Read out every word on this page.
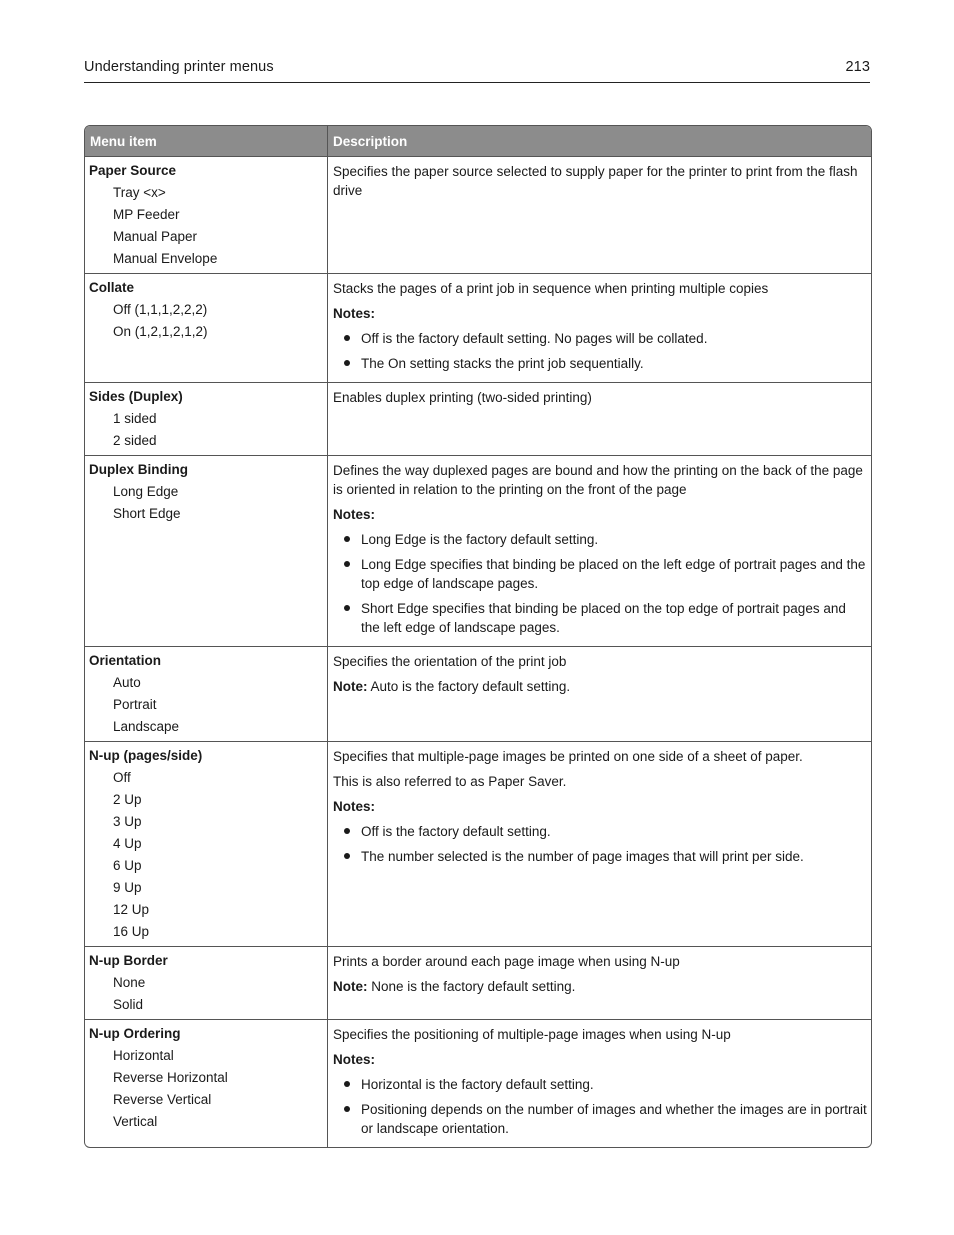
Understanding printer menus	213
Menu item	Description
Paper Source
Tray <x>
MP Feeder
Manual Paper
Manual Envelope

Specifies the paper source selected to supply paper for the printer to print from the flash drive

Collate
Off (1,1,1,2,2,2)
On (1,2,1,2,1,2)

Stacks the pages of a print job in sequence when printing multiple copies

Notes:

Off is the factory default setting. No pages will be collated.
The On setting stacks the print job sequentially.
Sides (Duplex)
1 sided
2 sided

Enables duplex printing (two-sided printing)

Duplex Binding
Long Edge
Short Edge

Defines the way duplexed pages are bound and how the printing on the back of the page is oriented in relation to the printing on the front of the page

Notes:

Long Edge is the factory default setting.
Long Edge specifies that binding be placed on the left edge of portrait pages and the top edge of landscape pages.
Short Edge specifies that binding be placed on the top edge of portrait pages and the left edge of landscape pages.
Orientation
Auto
Portrait
Landscape

Specifies the orientation of the print job

Note: Auto is the factory default setting.

N-up (pages/side)
Off
2 Up
3 Up
4 Up
6 Up
9 Up
12 Up
16 Up

Specifies that multiple-page images be printed on one side of a sheet of paper.

This is also referred to as Paper Saver.

Notes:

Off is the factory default setting.
The number selected is the number of page images that will print per side.
N-up Border
None
Solid

Prints a border around each page image when using N-up

Note: None is the factory default setting.

N-up Ordering
Horizontal
Reverse Horizontal
Reverse Vertical
Vertical

Specifies the positioning of multiple-page images when using N-up

Notes:

Horizontal is the factory default setting.
Positioning depends on the number of images and whether the images are in portrait or landscape orientation.
